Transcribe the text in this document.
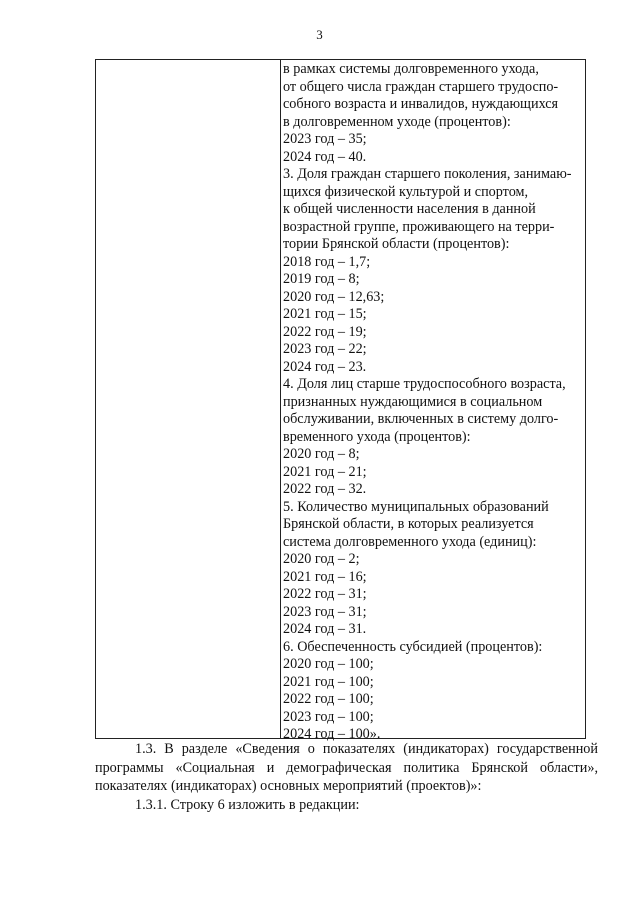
3
в рамках системы долговременного ухода,
от общего числа граждан старшего трудоспо-
собного возраста и инвалидов, нуждающихся
в долговременном уходе (процентов):
2023 год – 35;
2024 год – 40.
3. Доля граждан старшего поколения, занимаю-
щихся физической культурой и спортом,
к общей численности населения в данной
возрастной группе, проживающего на терри-
тории Брянской области (процентов):
2018 год – 1,7;
2019 год – 8;
2020 год – 12,63;
2021 год – 15;
2022 год – 19;
2023 год – 22;
2024 год – 23.
4. Доля лиц старше трудоспособного возраста,
признанных нуждающимися в социальном
обслуживании, включенных в систему долго-
временного ухода (процентов):
2020 год – 8;
2021 год – 21;
2022 год – 32.
5. Количество муниципальных образований
Брянской области, в которых реализуется
система долговременного ухода (единиц):
2020 год – 2;
2021 год – 16;
2022 год – 31;
2023 год – 31;
2024 год – 31.
6. Обеспеченность субсидией (процентов):
2020 год – 100;
2021 год – 100;
2022 год – 100;
2023 год – 100;
2024 год – 100».
1.3. В разделе «Сведения о показателях (индикаторах) государственной
программы «Социальная и демографическая политика Брянской области»,
показателях (индикаторах) основных мероприятий (проектов)»:
1.3.1. Строку 6 изложить в редакции:
